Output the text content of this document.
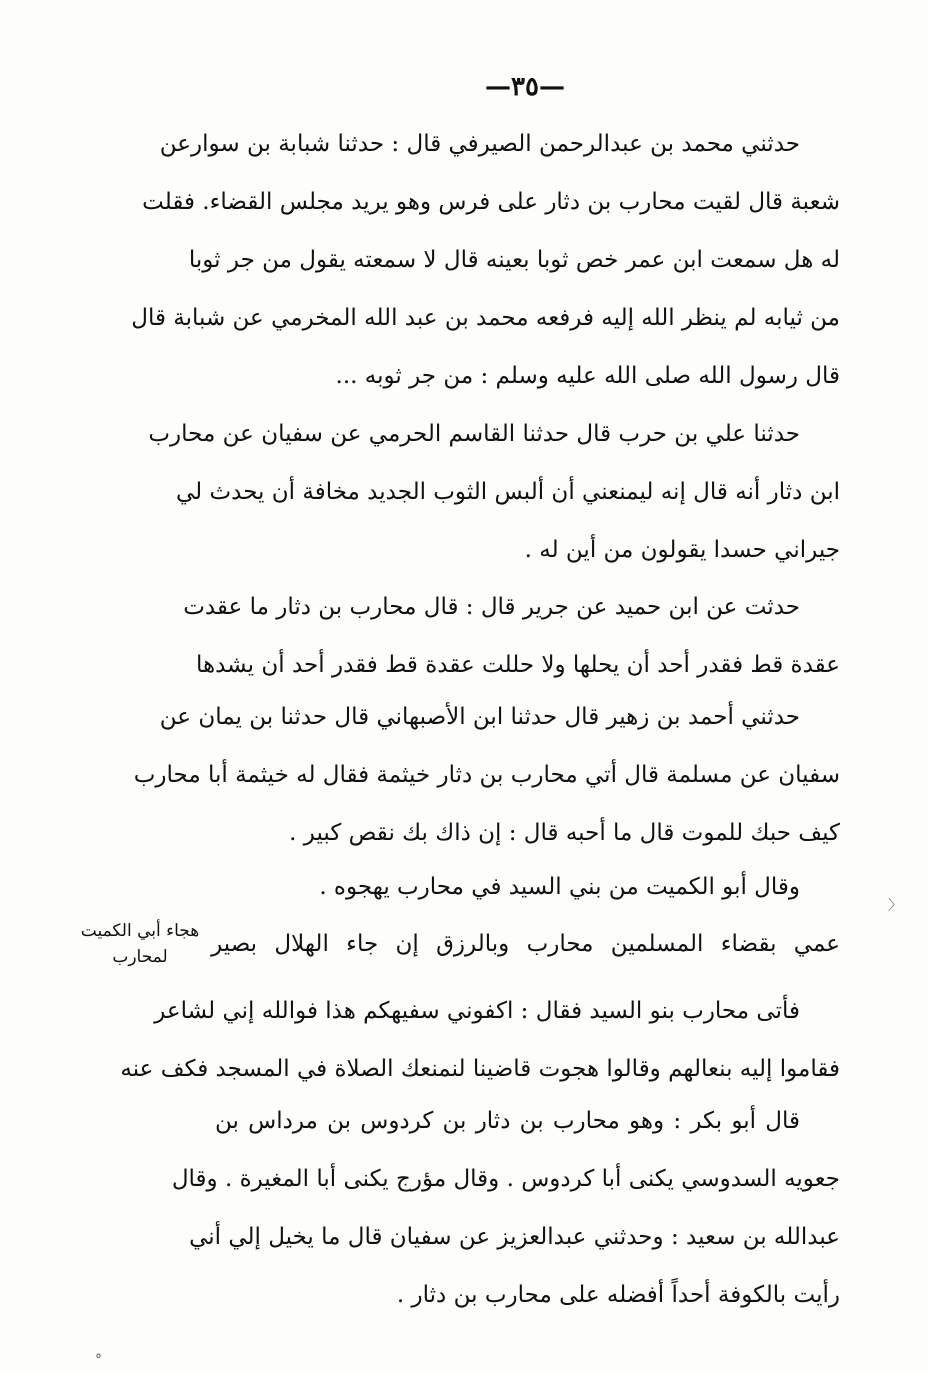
—٣٥—
حدثني محمد بن عبدالرحمن الصيرفي قال : حدثنا شبابة بن سوارعن
شعبة قال لقيت محارب بن دثار على فرس وهو يريد مجلس القضاء. فقلت
له هل سمعت ابن عمر خص ثوبا بعينه قال لا سمعته يقول من جر ثوبا
من ثيابه لم ينظر الله إليه فرفعه محمد بن عبد الله المخرمي عن شبابة قال
قال رسول الله صلى الله عليه وسلم : من جر ثوبه ...
حدثنا علي بن حرب قال حدثنا القاسم الحرمي عن سفيان عن محارب
ابن دثار أنه قال إنه ليمنعني أن ألبس الثوب الجديد مخافة أن يحدث لي
جيراني حسدا يقولون من أين له .
حدثت عن ابن حميد عن جرير قال : قال محارب بن دثار ما عقدت
عقدة قط فقدر أحد أن يحلها ولا حللت عقدة قط فقدر أحد أن يشدها
حدثني أحمد بن زهير قال حدثنا ابن الأصبهاني قال حدثنا بن يمان عن
سفيان عن مسلمة قال أتي محارب بن دثار خيثمة فقال له خيثمة أبا محارب
كيف حبك للموت قال ما أحبه قال : إن ذاك بك نقص كبير .
وقال أبو الكميت من بني السيد في محارب يهجوه .
عمي بقضاء المسلمين محارب وبالرزق إن جاء الهلال بصير
هجاء أبي الكميت
لمحارب
فأتى محارب بنو السيد فقال : اكفوني سفيهكم هذا فوالله إني لشاعر
فقاموا إليه بنعالهم وقالوا هجوت قاضينا لنمنعك الصلاة في المسجد فكف عنه
قال أبو بكر : وهو محارب بن دثار بن كردوس بن مرداس بن
جعويه السدوسي يكنى أبا كردوس . وقال مؤرج يكنى أبا المغيرة . وقال
عبدالله بن سعيد : وحدثني عبدالعزيز عن سفيان قال ما يخيل إلي أني
رأيت بالكوفة أحداً أفضله على محارب بن دثار .
〉
°
